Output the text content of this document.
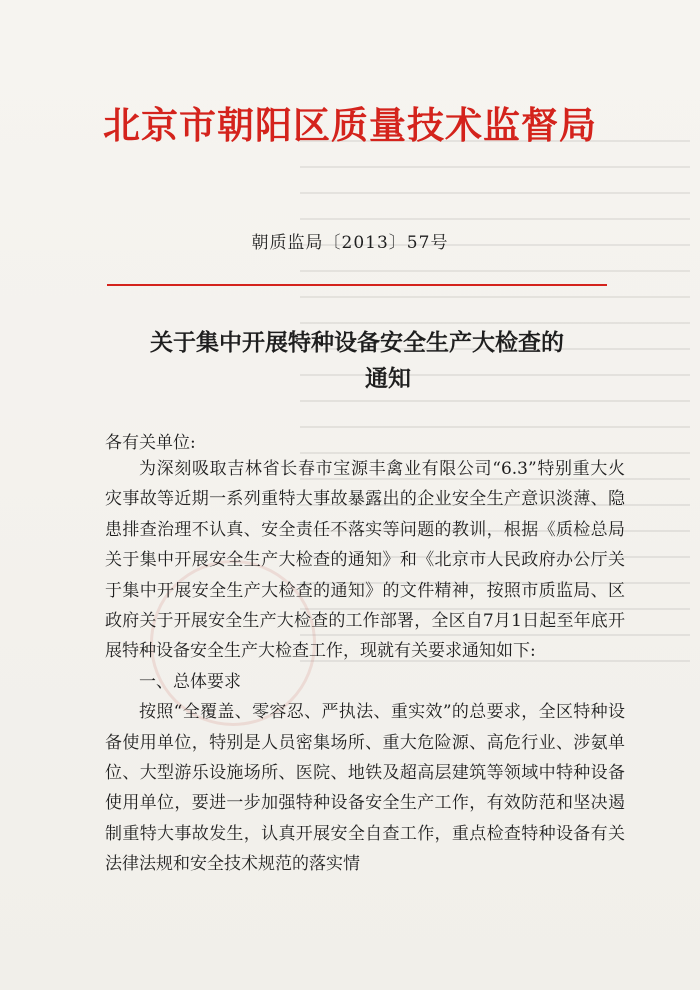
北京市朝阳区质量技术监督局
朝质监局〔2013〕57号
关于集中开展特种设备安全生产大检查的
通知
各有关单位:

为深刻吸取吉林省长春市宝源丰禽业有限公司“6.3”特别重大火灾事故等近期一系列重特大事故暴露出的企业安全生产意识淡薄、隐患排查治理不认真、安全责任不落实等问题的教训，根据《质检总局关于集中开展安全生产大检查的通知》和《北京市人民政府办公厅关于集中开展安全生产大检查的通知》的文件精神，按照市质监局、区政府关于开展安全生产大检查的工作部署，全区自7月1日起至年底开展特种设备安全生产大检查工作，现就有关要求通知如下:

一、总体要求

按照“全覆盖、零容忍、严执法、重实效”的总要求，全区特种设备使用单位，特别是人员密集场所、重大危险源、高危行业、涉氨单位、大型游乐设施场所、医院、地铁及超高层建筑等领域中特种设备使用单位，要进一步加强特种设备安全生产工作，有效防范和坚决遏制重特大事故发生，认真开展安全自查工作，重点检查特种设备有关法律法规和安全技术规范的落实情
